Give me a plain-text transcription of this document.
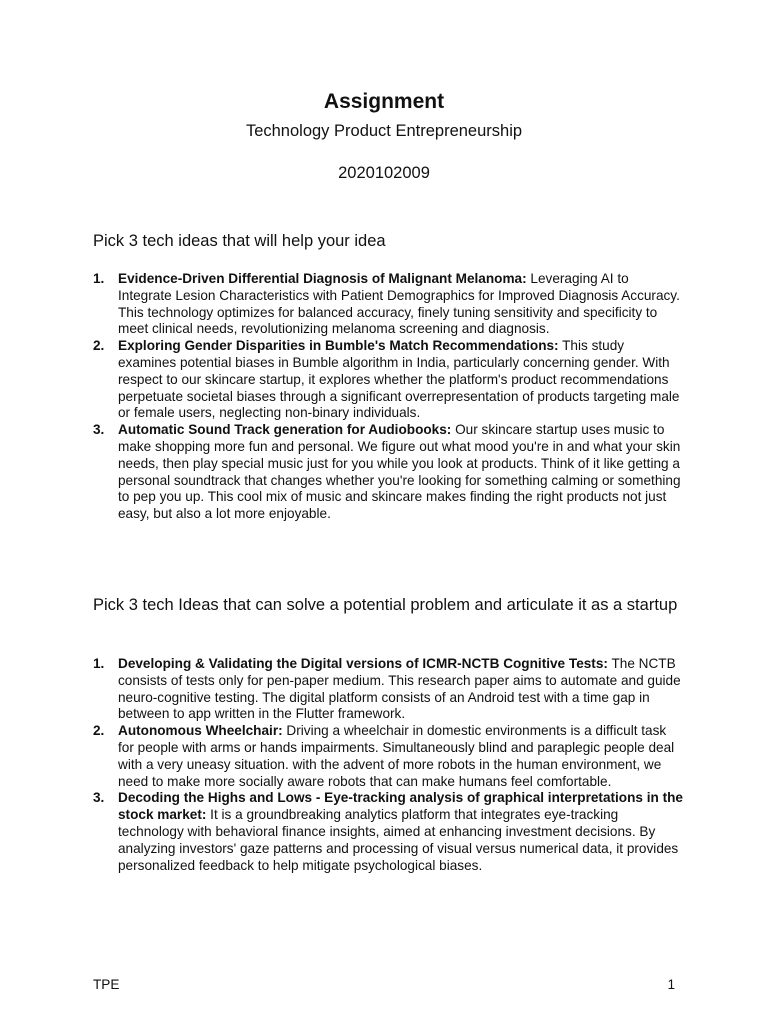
Assignment

Technology Product Entrepreneurship

2020102009

Pick 3 tech ideas that will help your idea

1. Evidence-Driven Differential Diagnosis of Malignant Melanoma: Leveraging AI to Integrate Lesion Characteristics with Patient Demographics for Improved Diagnosis Accuracy. This technology optimizes for balanced accuracy, finely tuning sensitivity and specificity to meet clinical needs, revolutionizing melanoma screening and diagnosis.
2. Exploring Gender Disparities in Bumble's Match Recommendations: This study examines potential biases in Bumble algorithm in India, particularly concerning gender. With respect to our skincare startup, it explores whether the platform's product recommendations perpetuate societal biases through a significant overrepresentation of products targeting male or female users, neglecting non-binary individuals.
3. Automatic Sound Track generation for Audiobooks: Our skincare startup uses music to make shopping more fun and personal. We figure out what mood you're in and what your skin needs, then play special music just for you while you look at products. Think of it like getting a personal soundtrack that changes whether you're looking for something calming or something to pep you up. This cool mix of music and skincare makes finding the right products not just easy, but also a lot more enjoyable.

Pick 3 tech Ideas that can solve a potential problem and articulate it as a startup

1. Developing & Validating the Digital versions of ICMR-NCTB Cognitive Tests: The NCTB consists of tests only for pen-paper medium. This research paper aims to automate and guide neuro-cognitive testing. The digital platform consists of an Android test with a time gap in between to app written in the Flutter framework.
2. Autonomous Wheelchair: Driving a wheelchair in domestic environments is a difficult task for people with arms or hands impairments. Simultaneously blind and paraplegic people deal with a very uneasy situation. with the advent of more robots in the human environment, we need to make more socially aware robots that can make humans feel comfortable.
3. Decoding the Highs and Lows - Eye-tracking analysis of graphical interpretations in the stock market: It is a groundbreaking analytics platform that integrates eye-tracking technology with behavioral finance insights, aimed at enhancing investment decisions. By analyzing investors' gaze patterns and processing of visual versus numerical data, it provides personalized feedback to help mitigate psychological biases.
TPE	1
